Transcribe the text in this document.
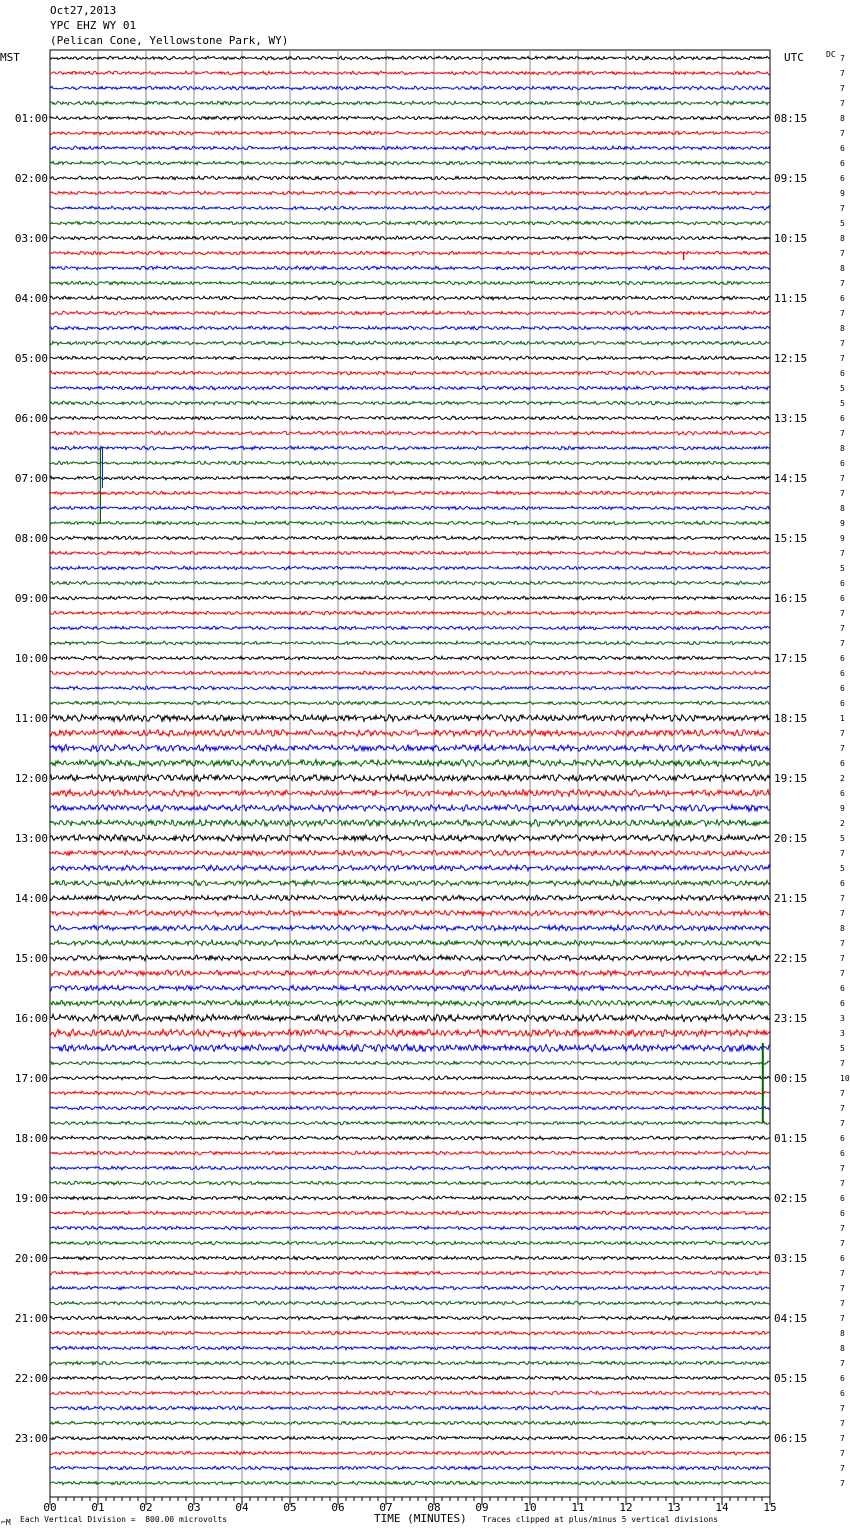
Oct27,2013
YPC EHZ WY 01
(Pelican Cone, Yellowstone Park, WY)
MST	UTC	DC
01:00
02:00
03:00
04:00
05:00
06:00
07:00
08:00
09:00
10:00
11:00
12:00
13:00
14:00
15:00
16:00
17:00
18:00
19:00
20:00
21:00
22:00
23:00
08:15
09:15
10:15
11:15
12:15
13:15
14:15
15:15
16:15
17:15
18:15
19:15
20:15
21:15
22:15
23:15
00:15
01:15
02:15
03:15
04:15
05:15
06:15
7
7
7
7
8
7
6
6
6
9
7
5
8
7
8
7
6
7
8
7
7
6
5
5
6
7
8
6
7
7
8
9
9
7
5
6
6
7
7
7
6
6
6
6
1
7
7
6
2
6
9
2
5
7
5
6
7
7
8
7
7
7
6
6
3
3
5
7
10
7
7
7
6
6
7
7
6
6
7
7
6
7
7
7
7
8
8
7
6
6
7
7
7
7
7
7
00	01	02	03	04	05	06	07	08	09	10	11	12	13	14	15
Each Vertical Division =  800.00 microvolts
⌐M	TIME (MINUTES) Traces clipped at plus/minus 5 vertical divisions
